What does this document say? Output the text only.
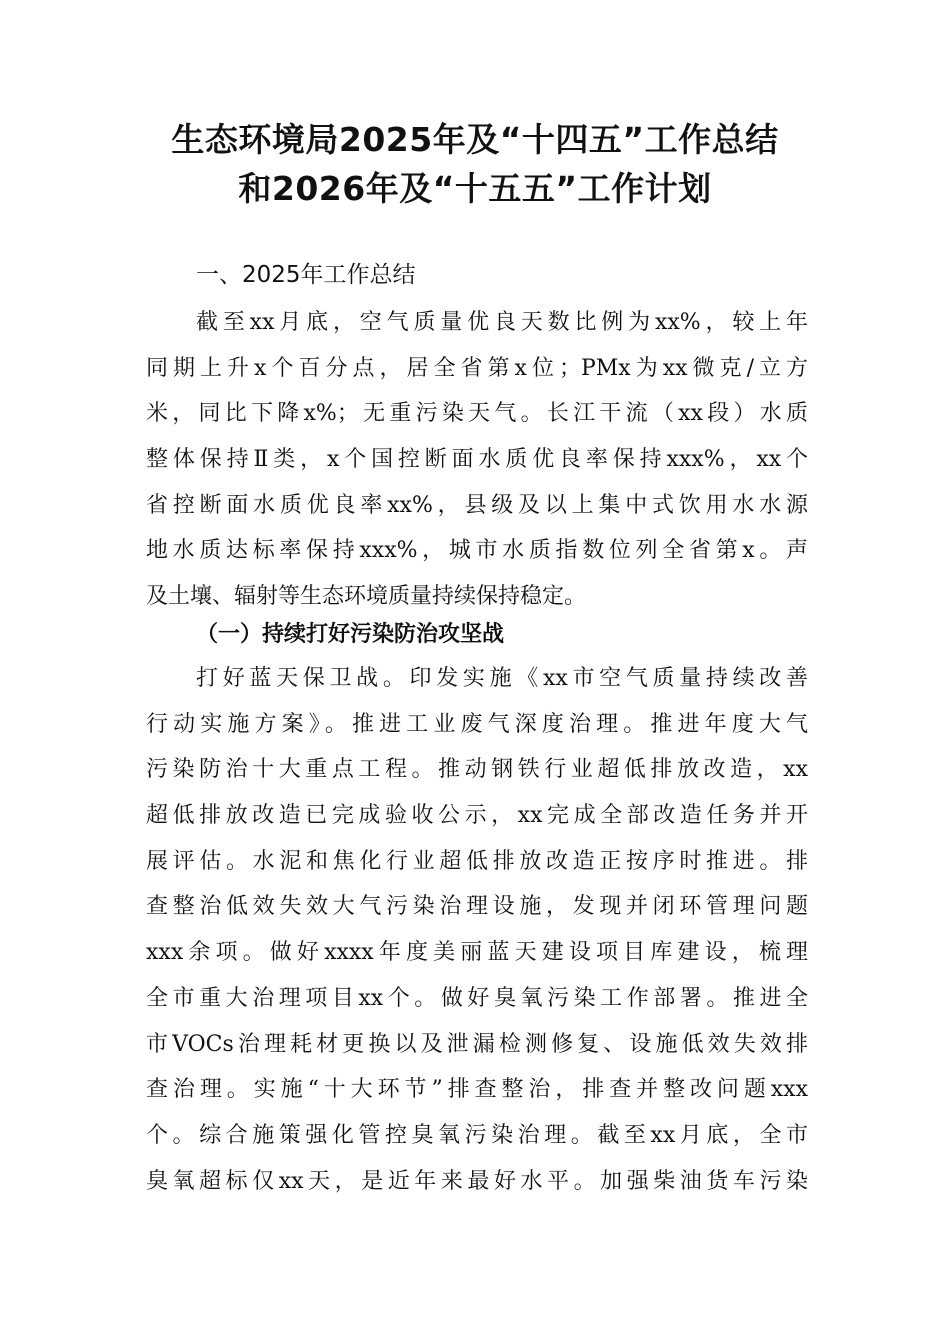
生态环境局2025年及“十四五”工作总结
和2026年及“十五五”工作计划
一、2025年工作总结
截至xx月底，空气质量优良天数比例为xx%，较上年
同期上升x个百分点，居全省第x位；PMx为xx微克/立方
米，同比下降x%；无重污染天气。长江干流（xx段）水质
整体保持Ⅱ类，x个国控断面水质优良率保持xxx%，xx个
省控断面水质优良率xx%，县级及以上集中式饮用水水源
地水质达标率保持xxx%，城市水质指数位列全省第x。声
及土壤、辐射等生态环境质量持续保持稳定。
（一）持续打好污染防治攻坚战
打好蓝天保卫战。印发实施《xx市空气质量持续改善
行动实施方案》。推进工业废气深度治理。推进年度大气
污染防治十大重点工程。推动钢铁行业超低排放改造，xx
超低排放改造已完成验收公示，xx完成全部改造任务并开
展评估。水泥和焦化行业超低排放改造正按序时推进。排
查整治低效失效大气污染治理设施，发现并闭环管理问题
xxx余项。做好xxxx年度美丽蓝天建设项目库建设，梳理
全市重大治理项目xx个。做好臭氧污染工作部署。推进全
市VOCs治理耗材更换以及泄漏检测修复、设施低效失效排
查治理。实施“十大环节”排查整治，排查并整改问题xxx
个。综合施策强化管控臭氧污染治理。截至xx月底，全市
臭氧超标仅xx天，是近年来最好水平。加强柴油货车污染
